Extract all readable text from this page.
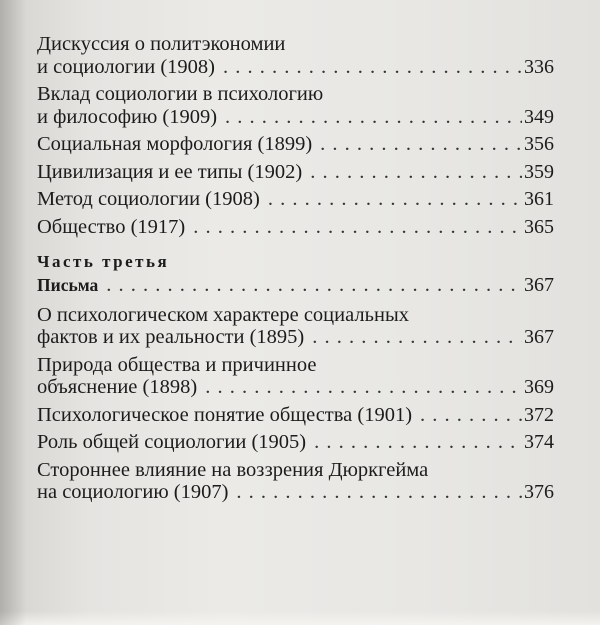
Дискуссия о политэкономии
и социологии (1908) . . .	336
Вклад социологии в психологию
и философию (1909) . . .	349
Социальная морфология (1899) . . .	356
Цивилизация и ее типы (1902) . . .	359
Метод социологии (1908) . . .	361
Общество (1917) . . .	365
Часть третья
Письма . . .	367
О психологическом характере социальных
фактов и их реальности (1895) . . .	367
Природа общества и причинное
объяснение (1898) . . .	369
Психологическое понятие общества (1901) . . .	372
Роль общей социологии (1905) . . .	374
Стороннее влияние на воззрения Дюркгейма
на социологию (1907) . . .	376
